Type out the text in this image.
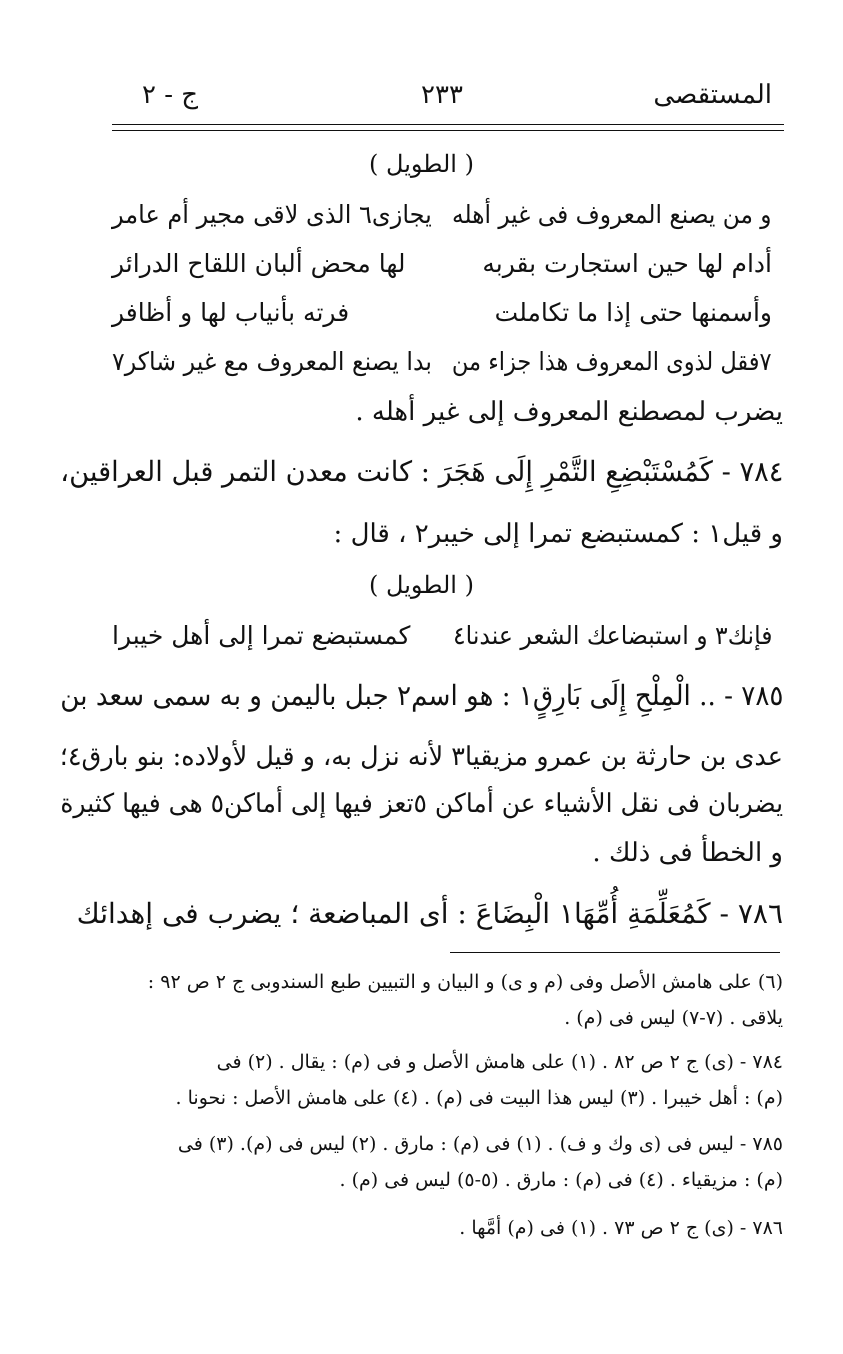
٢٣٣	المستقصى
ج - ٢
( الطويل )
و من يصنع المعروف فى غير أهله
يجازى٦ الذى لاقى مجير أم عامر
أدام لها حين استجارت بقربه
لها محض ألبان اللقاح الدرائر
وأسمنها حتى إذا ما تكاملت
فرته بأنياب لها و أظافر
٧فقل لذوى المعروف هذا جزاء من
بدا يصنع المعروف مع غير شاكر٧
يضرب لمصطنع المعروف إلى غير أهله .
٧٨٤ - كَمُسْتَبْضِعِ التَّمْرِ إِلَى هَجَرَ : كانت معدن التمر قبل العراقين،
و قيل١ : كمستبضع تمرا إلى خيبر٢ ، قال :
( الطويل )
فإنك٣ و استبضاعك الشعر عندنا٤
كمستبضع تمرا إلى أهل خيبرا
٧٨٥ - .. الْمِلْحِ إِلَى بَارِقٍ١ : هو اسم٢ جبل باليمن و به سمى سعد بن
عدى بن حارثة بن عمرو مزيقيا٣ لأنه نزل به، و قيل لأولاده: بنو بارق٤؛
يضربان فى نقل الأشياء عن أماكن ٥تعز فيها إلى أماكن٥ هى فيها كثيرة
و الخطأ فى ذلك .
٧٨٦ - كَمُعَلِّمَةِ أُمِّهَا١ الْبِضَاعَ : أى المباضعة ؛ يضرب فى إهدائك
(٦) على هامش الأصل وفى (م و ى) و البيان و التبيين طبع السندوبى ج ٢ ص ٩٢ :
يلاقى . (٧-٧) ليس فى (م) .
٧٨٤ - (ى) ج ٢ ص ٨٢ . (١) على هامش الأصل و فى (م) : يقال . (٢) فى
(م) : أهل خيبرا . (٣) ليس هذا البيت فى (م) . (٤) على هامش الأصل : نحونا .
٧٨٥ - ليس فى (ى وك و ف) . (١) فى (م) : مارق . (٢) ليس فى (م). (٣) فى
(م) : مزيقياء . (٤) فى (م) : مارق . (٥-٥) ليس فى (م) .
٧٨٦ - (ى) ج ٢ ص ٧٣ . (١) فى (م) أمَّها .
